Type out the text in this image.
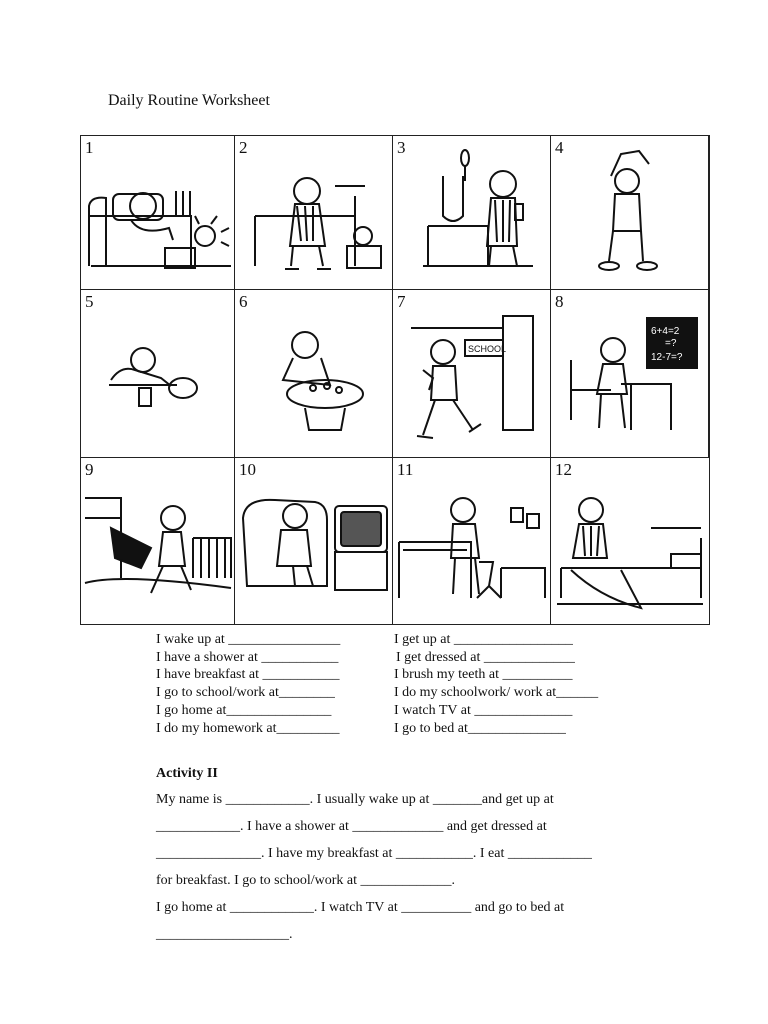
Daily Routine Worksheet
1	2	3	4
5	6	7
SCHOOL
8
6+4=2
=?
12-7=?
9	10	11	12
I wake up at ________________
I have a shower at ___________
I have breakfast at ___________
I go to school/work at________
I go home at_______________
I do my homework at_________
I get up at _________________
I get dressed at _____________
I brush my teeth at __________
I do my schoolwork/ work at______
I watch TV at ______________
I go to bed at______________
Activity II
My name is ____________. I usually wake up at _______and get up at
____________. I have a shower at _____________ and get dressed at
_______________. I have my breakfast at ___________. I eat ____________
for breakfast. I go to school/work at _____________.
I go home at ____________. I watch TV at __________ and go to bed at
___________________.
